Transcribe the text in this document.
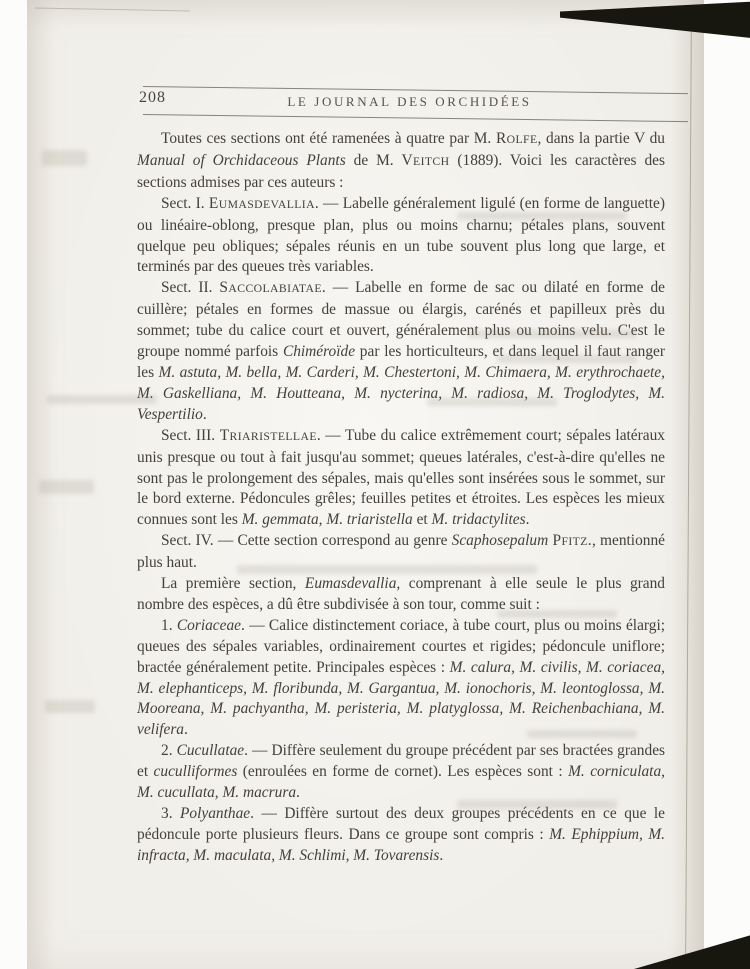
208	LE JOURNAL DES ORCHIDÉES

Toutes ces sections ont été ramenées à quatre par M. ROLFE, dans la partie V du Manual of Orchidaceous Plants de M. VEITCH (1889). Voici les caractères des sections admises par ces auteurs :

Sect. I. EUMASDEVALLIA. — Labelle généralement ligulé (en forme de languette) ou linéaire-oblong, presque plan, plus ou moins charnu; pétales plans, souvent quelque peu obliques; sépales réunis en un tube souvent plus long que large, et terminés par des queues très variables.

Sect. II. SACCOLABIATAE. — Labelle en forme de sac ou dilaté en forme de cuillère; pétales en formes de massue ou élargis, carénés et papilleux près du sommet; tube du calice court et ouvert, généralement plus ou moins velu. C'est le groupe nommé parfois Chiméroïde par les horticulteurs, et dans lequel il faut ranger les M. astuta, M. bella, M. Carderi, M. Chestertoni, M. Chimaera, M. erythrochaete, M. Gaskelliana, M. Houtteana, M. nycterina, M. radiosa, M. Troglodytes, M. Vespertilio.

Sect. III. TRIARISTELLAE. — Tube du calice extrêmement court; sépales latéraux unis presque ou tout à fait jusqu'au sommet; queues latérales, c'est-à-dire qu'elles ne sont pas le prolongement des sépales, mais qu'elles sont insérées sous le sommet, sur le bord externe. Pédoncules grêles; feuilles petites et étroites. Les espèces les mieux connues sont les M. gemmata, M. triaristella et M. tridactylites.

Sect. IV. — Cette section correspond au genre Scaphosepalum PFITZ., mentionné plus haut.

La première section, Eumasdevallia, comprenant à elle seule le plus grand nombre des espèces, a dû être subdivisée à son tour, comme suit :

1. Coriaceae. — Calice distinctement coriace, à tube court, plus ou moins élargi; queues des sépales variables, ordinairement courtes et rigides; pédoncule uniflore; bractée généralement petite. Principales espèces : M. calura, M. civilis, M. coriacea, M. elephanticeps, M. floribunda, M. Gargantua, M. ionochoris, M. leontoglossa, M. Mooreana, M. pachyantha, M. peristeria, M. platyglossa, M. Reichenbachiana, M. velifera.

2. Cucullatae. — Diffère seulement du groupe précédent par ses bractées grandes et cuculliformes (enroulées en forme de cornet). Les espèces sont : M. corniculata, M. cucullata, M. macrura.

3. Polyanthae. — Diffère surtout des deux groupes précédents en ce que le pédoncule porte plusieurs fleurs. Dans ce groupe sont compris : M. Ephippium, M. infracta, M. maculata, M. Schlimi, M. Tovarensis.
